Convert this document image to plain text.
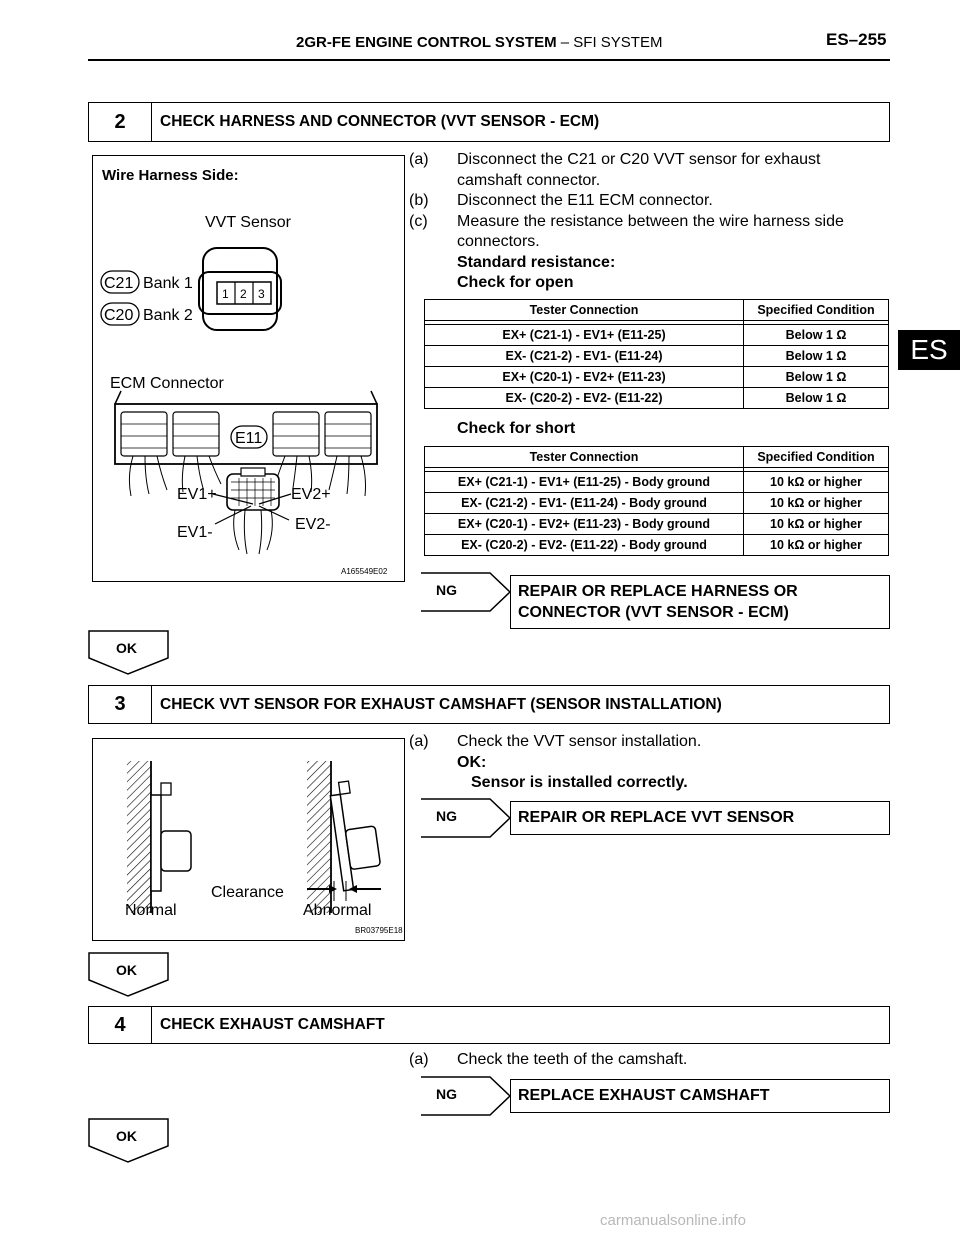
2GR-FE ENGINE CONTROL SYSTEM – SFI SYSTEM	ES–255
ES
2	CHECK HARNESS AND CONNECTOR (VVT SENSOR - ECM)
Wire Harness Side:
VVT Sensor
1 2 3
C21 Bank 1
C20 Bank 2
ECM Connector
E11
EV1+	EV2+
EV1-	EV2-
A165549E02
(a) Disconnect the C21 or C20 VVT sensor for exhaust
camshaft connector.
(b) Disconnect the E11 ECM connector.
(c) Measure the resistance between the wire harness side
connectors.
Standard resistance:
Check for open
Tester Connection	Specified Condition

EX+ (C21-1) - EV1+ (E11-25)	Below 1 Ω
EX- (C21-2) - EV1- (E11-24)	Below 1 Ω
EX+ (C20-1) - EV2+ (E11-23)	Below 1 Ω
EX- (C20-2) - EV2- (E11-22)	Below 1 Ω
Check for short
Tester Connection	Specified Condition

EX+ (C21-1) - EV1+ (E11-25) - Body ground	10 kΩ or higher
EX- (C21-2) - EV1- (E11-24) - Body ground	10 kΩ or higher
EX+ (C20-1) - EV2+ (E11-23) - Body ground	10 kΩ or higher
EX- (C20-2) - EV2- (E11-22) - Body ground	10 kΩ or higher
NG	REPAIR OR REPLACE HARNESS OR
CONNECTOR (VVT SENSOR - ECM)
OK
3	CHECK VVT SENSOR FOR EXHAUST CAMSHAFT (SENSOR INSTALLATION)
Clearance
Normal	Abnormal
BR03795E18
(a) Check the VVT sensor installation.
OK:
Sensor is installed correctly.
NG	REPAIR OR REPLACE VVT SENSOR
OK
4	CHECK EXHAUST CAMSHAFT
(a) Check the teeth of the camshaft.
NG	REPLACE EXHAUST CAMSHAFT
OK
carmanualsonline.info
